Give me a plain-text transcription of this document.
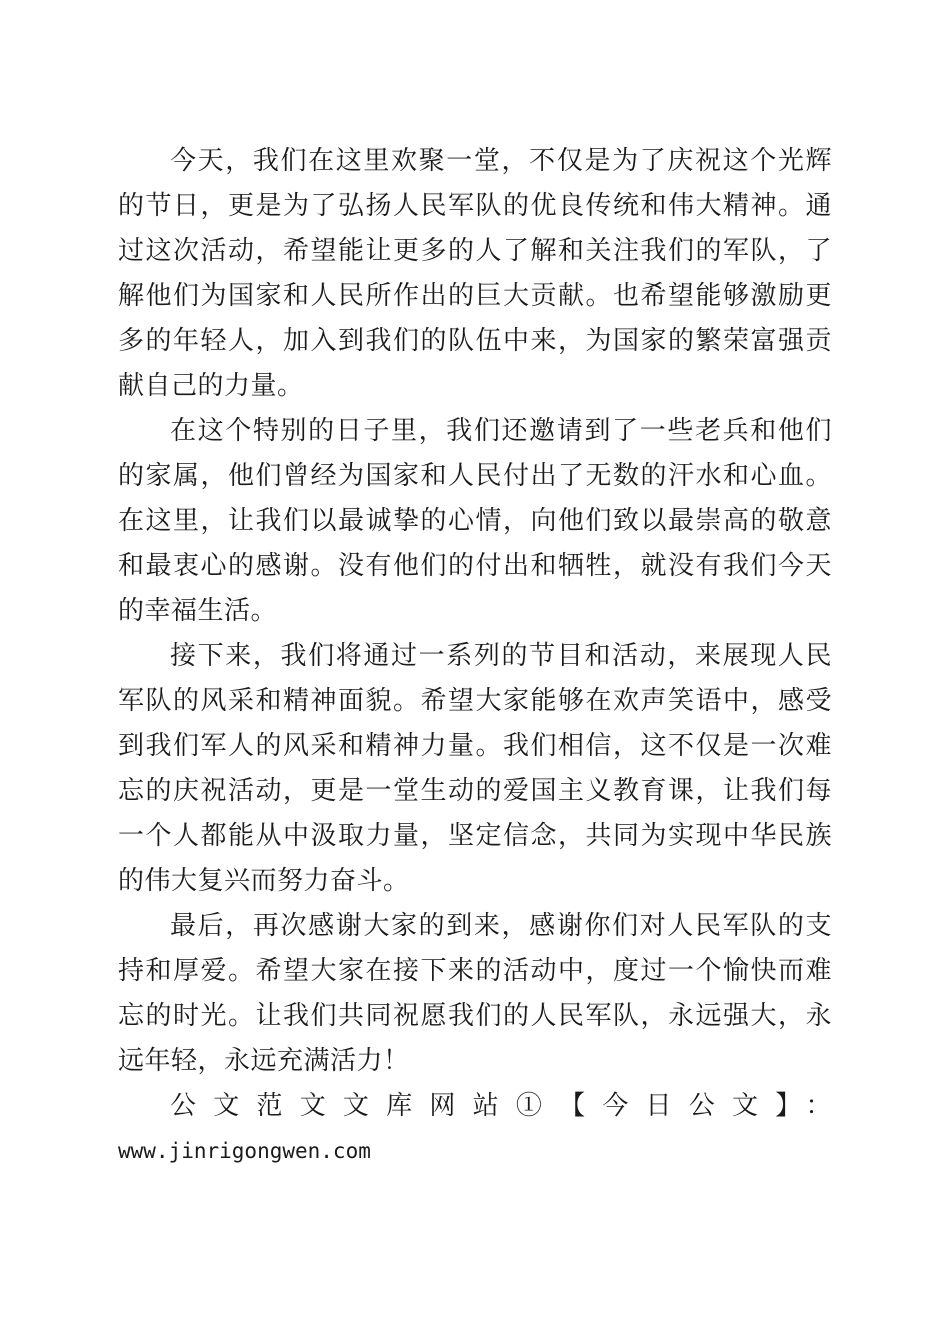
今天，我们在这里欢聚一堂，不仅是为了庆祝这个光辉的节日，更是为了弘扬人民军队的优良传统和伟大精神。通过这次活动，希望能让更多的人了解和关注我们的军队，了解他们为国家和人民所作出的巨大贡献。也希望能够激励更多的年轻人，加入到我们的队伍中来，为国家的繁荣富强贡献自己的力量。

在这个特别的日子里，我们还邀请到了一些老兵和他们的家属，他们曾经为国家和人民付出了无数的汗水和心血。在这里，让我们以最诚挚的心情，向他们致以最崇高的敬意和最衷心的感谢。没有他们的付出和牺牲，就没有我们今天的幸福生活。

接下来，我们将通过一系列的节目和活动，来展现人民军队的风采和精神面貌。希望大家能够在欢声笑语中，感受到我们军人的风采和精神力量。我们相信，这不仅是一次难忘的庆祝活动，更是一堂生动的爱国主义教育课，让我们每一个人都能从中汲取力量，坚定信念，共同为实现中华民族的伟大复兴而努力奋斗。

最后，再次感谢大家的到来，感谢你们对人民军队的支持和厚爱。希望大家在接下来的活动中，度过一个愉快而难忘的时光。让我们共同祝愿我们的人民军队，永远强大，永远年轻，永远充满活力！

公文范文文库网站①【今日公文】：

www.jinrigongwen.com
